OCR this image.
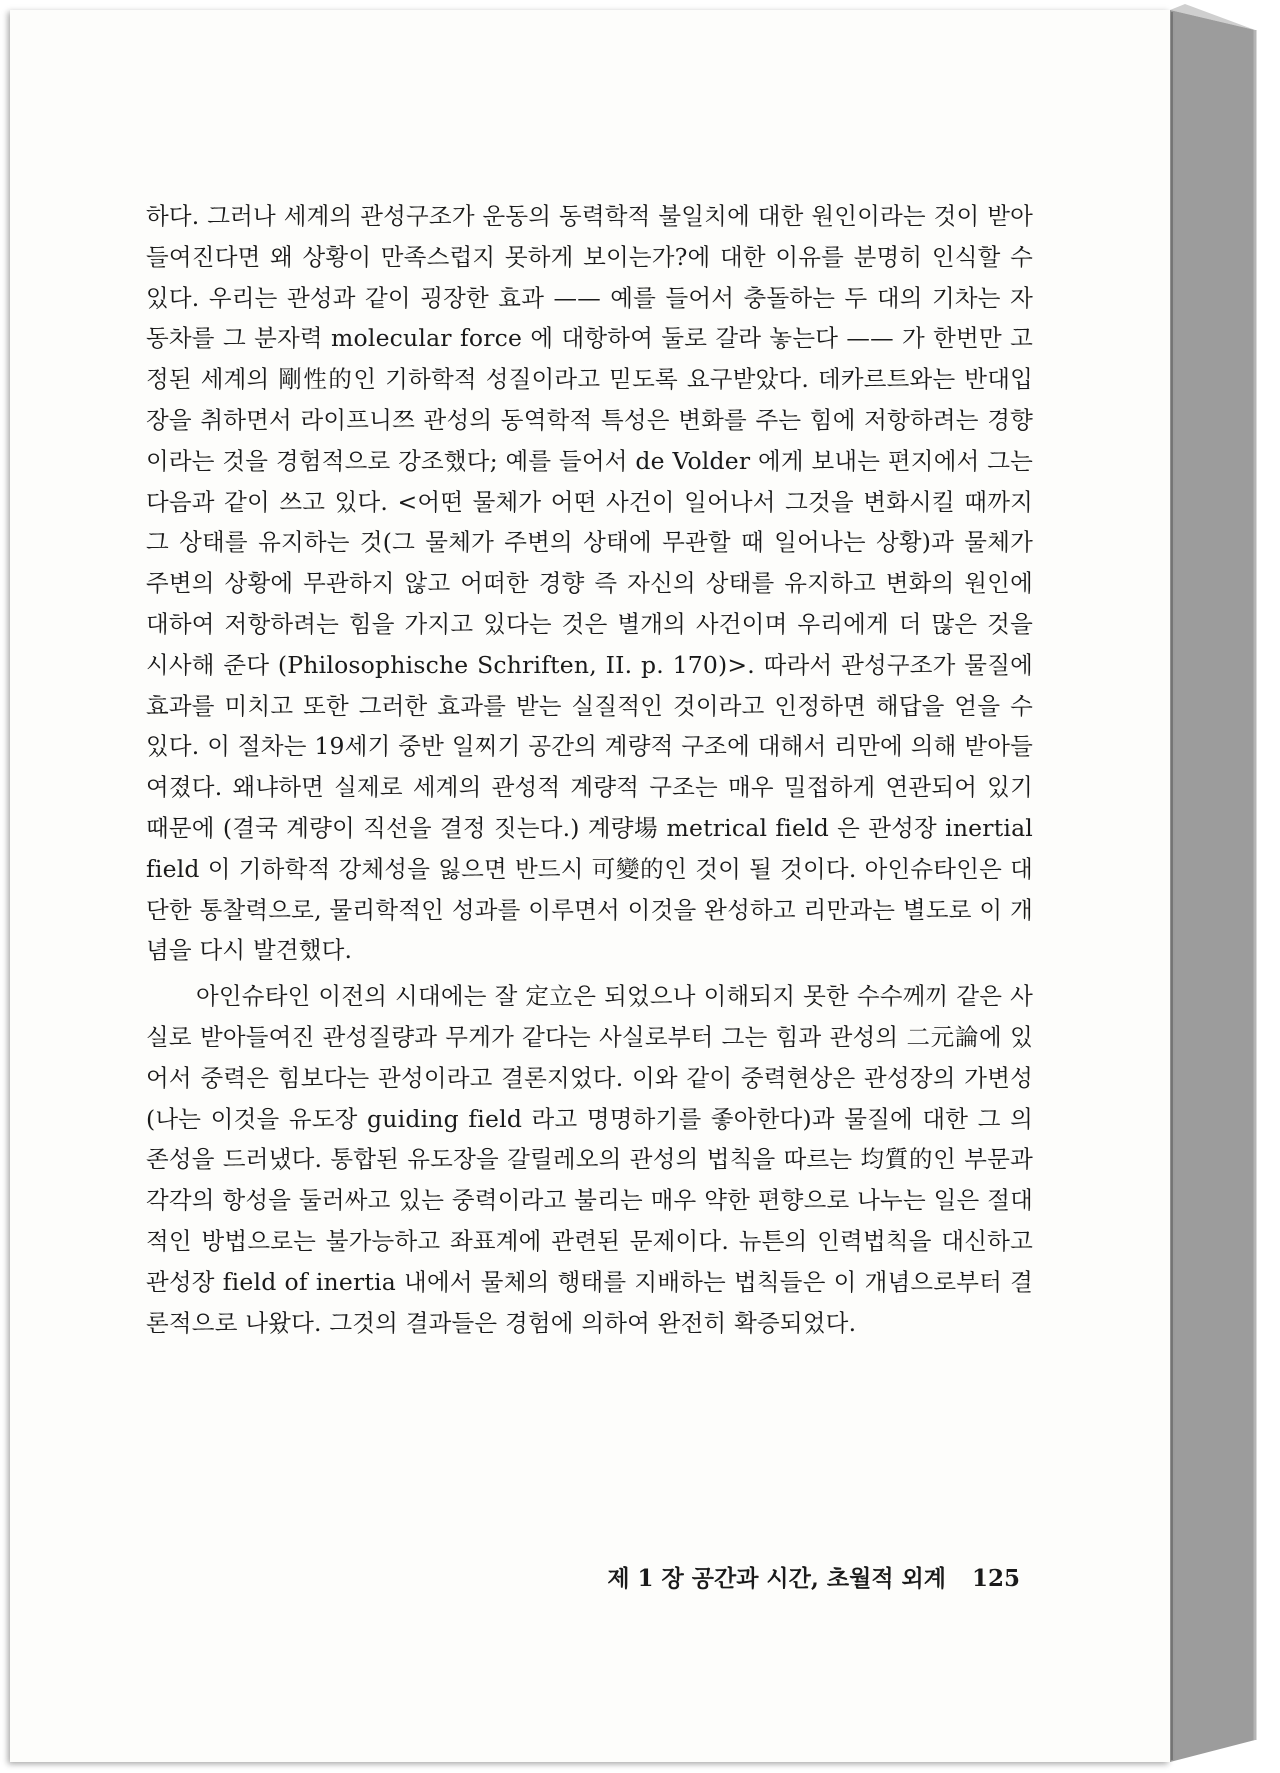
하다. 그러나 세계의 관성구조가 운동의 동력학적 불일치에 대한 원인이라는 것이 받아들여진다면 왜 상황이 만족스럽지 못하게 보이는가?에 대한 이유를 분명히 인식할 수 있다. 우리는 관성과 같이 굉장한 효과 —— 예를 들어서 충돌하는 두 대의 기차는 자동차를 그 분자력 molecular force 에 대항하여 둘로 갈라 놓는다 —— 가 한번만 고정된 세계의 剛性的인 기하학적 성질이라고 믿도록 요구받았다. 데카르트와는 반대입장을 취하면서 라이프니쯔 관성의 동역학적 특성은 변화를 주는 힘에 저항하려는 경향이라는 것을 경험적으로 강조했다; 예를 들어서 de Volder 에게 보내는 편지에서 그는 다음과 같이 쓰고 있다. <어떤 물체가 어떤 사건이 일어나서 그것을 변화시킬 때까지 그 상태를 유지하는 것(그 물체가 주변의 상태에 무관할 때 일어나는 상황)과 물체가 주변의 상황에 무관하지 않고 어떠한 경향 즉 자신의 상태를 유지하고 변화의 원인에 대하여 저항하려는 힘을 가지고 있다는 것은 별개의 사건이며 우리에게 더 많은 것을 시사해 준다 (Philosophische Schriften, II. p. 170)>. 따라서 관성구조가 물질에 효과를 미치고 또한 그러한 효과를 받는 실질적인 것이라고 인정하면 해답을 얻을 수 있다. 이 절차는 19세기 중반 일찌기 공간의 계량적 구조에 대해서 리만에 의해 받아들여졌다. 왜냐하면 실제로 세계의 관성적 계량적 구조는 매우 밀접하게 연관되어 있기 때문에 (결국 계량이 직선을 결정 짓는다.) 계량場 metrical field 은 관성장 inertial field 이 기하학적 강체성을 잃으면 반드시 可變的인 것이 될 것이다. 아인슈타인은 대단한 통찰력으로, 물리학적인 성과를 이루면서 이것을 완성하고 리만과는 별도로 이 개념을 다시 발견했다.

아인슈타인 이전의 시대에는 잘 定立은 되었으나 이해되지 못한 수수께끼 같은 사실로 받아들여진 관성질량과 무게가 같다는 사실로부터 그는 힘과 관성의 二元論에 있어서 중력은 힘보다는 관성이라고 결론지었다. 이와 같이 중력현상은 관성장의 가변성(나는 이것을 유도장 guiding field 라고 명명하기를 좋아한다)과 물질에 대한 그 의존성을 드러냈다. 통합된 유도장을 갈릴레오의 관성의 법칙을 따르는 均質的인 부문과 각각의 항성을 둘러싸고 있는 중력이라고 불리는 매우 약한 편향으로 나누는 일은 절대적인 방법으로는 불가능하고 좌표계에 관련된 문제이다. 뉴튼의 인력법칙을 대신하고 관성장 field of inertia 내에서 물체의 행태를 지배하는 법칙들은 이 개념으로부터 결론적으로 나왔다. 그것의 결과들은 경험에 의하여 완전히 확증되었다.

제 1 장 공간과 시간, 초월적 외계 125
